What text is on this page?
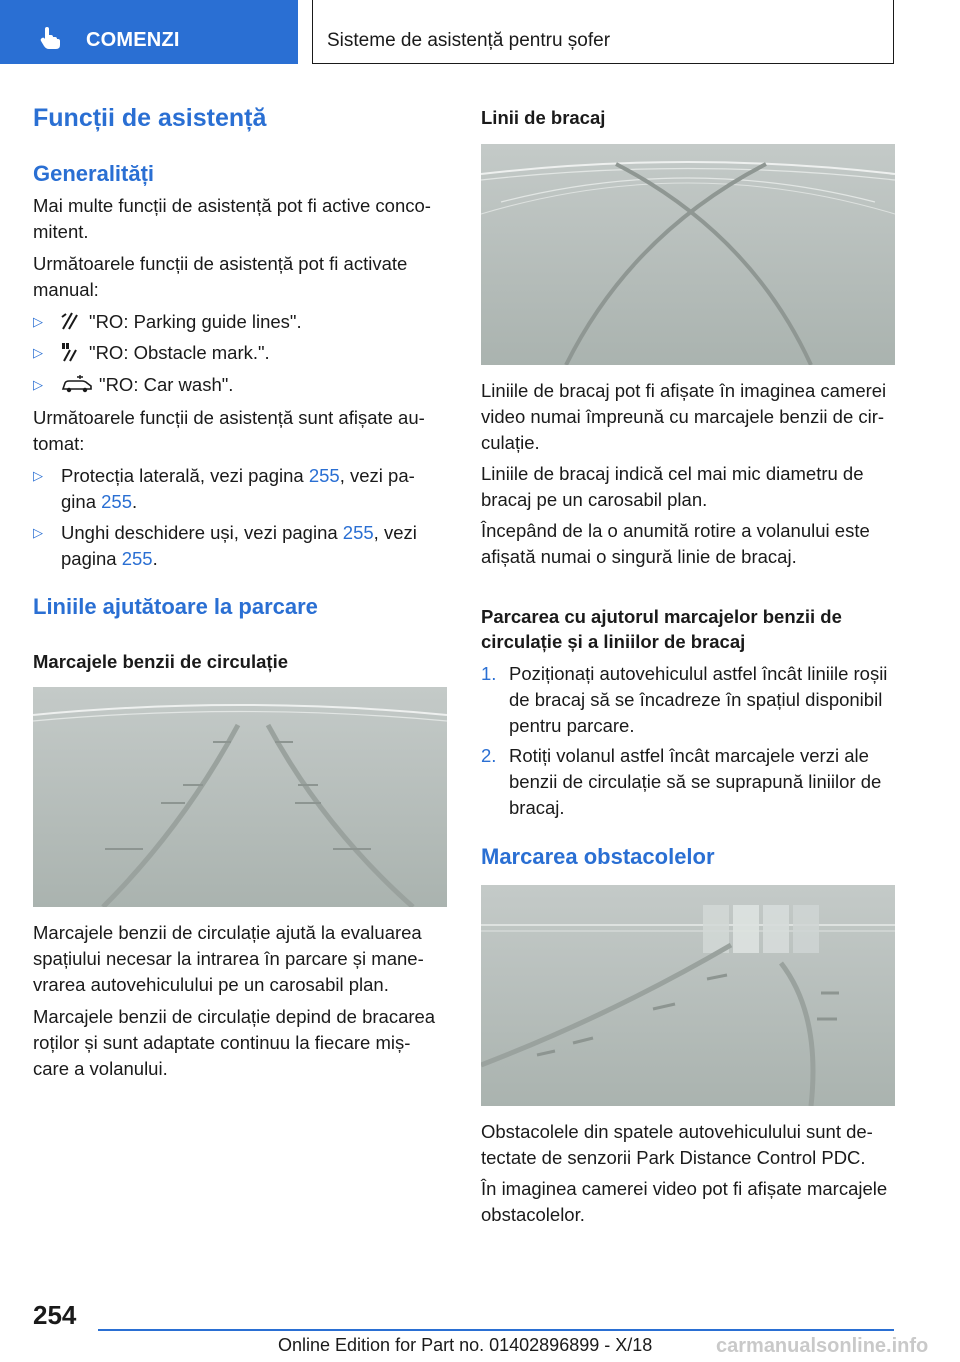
COMENZI	Sisteme de asistență pentru șofer
Funcții de asistență
Generalități
Mai multe funcții de asistență pot fi active conco-
mitent.
Următoarele funcții de asistență pot fi activate
manual:
▷ "RO: Parking guide lines".
▷ "RO: Obstacle mark.".
▷	"RO: Car wash".
Următoarele funcții de asistență sunt afișate au-
tomat:
▷ Protecția laterală, vezi pagina 255, vezi pa-
gina 255.
▷ Unghi deschidere uși, vezi pagina 255, vezi
pagina 255.
Liniile ajutătoare la parcare
Marcajele benzii de circulație
Marcajele benzii de circulație ajută la evaluarea
spațiului necesar la intrarea în parcare și mane-
vrarea autovehiculului pe un carosabil plan.
Marcajele benzii de circulație depind de bracarea
roților și sunt adaptate continuu la fiecare miș-
care a volanului.
Linii de bracaj
Liniile de bracaj pot fi afișate în imaginea camerei
video numai împreună cu marcajele benzii de cir-
culație.
Liniile de bracaj indică cel mai mic diametru de
bracaj pe un carosabil plan.
Începând de la o anumită rotire a volanului este
afișată numai o singură linie de bracaj.
Parcarea cu ajutorul marcajelor benzii de
circulație și a liniilor de bracaj
1. Poziționați autovehiculul astfel încât liniile roșii
de bracaj să se încadreze în spațiul disponibil
pentru parcare.
2. Rotiți volanul astfel încât marcajele verzi ale
benzii de circulație să se suprapună liniilor de
bracaj.
Marcarea obstacolelor
Obstacolele din spatele autovehiculului sunt de-
tectate de senzorii Park Distance Control PDC.
În imaginea camerei video pot fi afișate marcajele
obstacolelor.
254
Online Edition for Part no. 01402896899 - X/18	carmanualsonline.info
